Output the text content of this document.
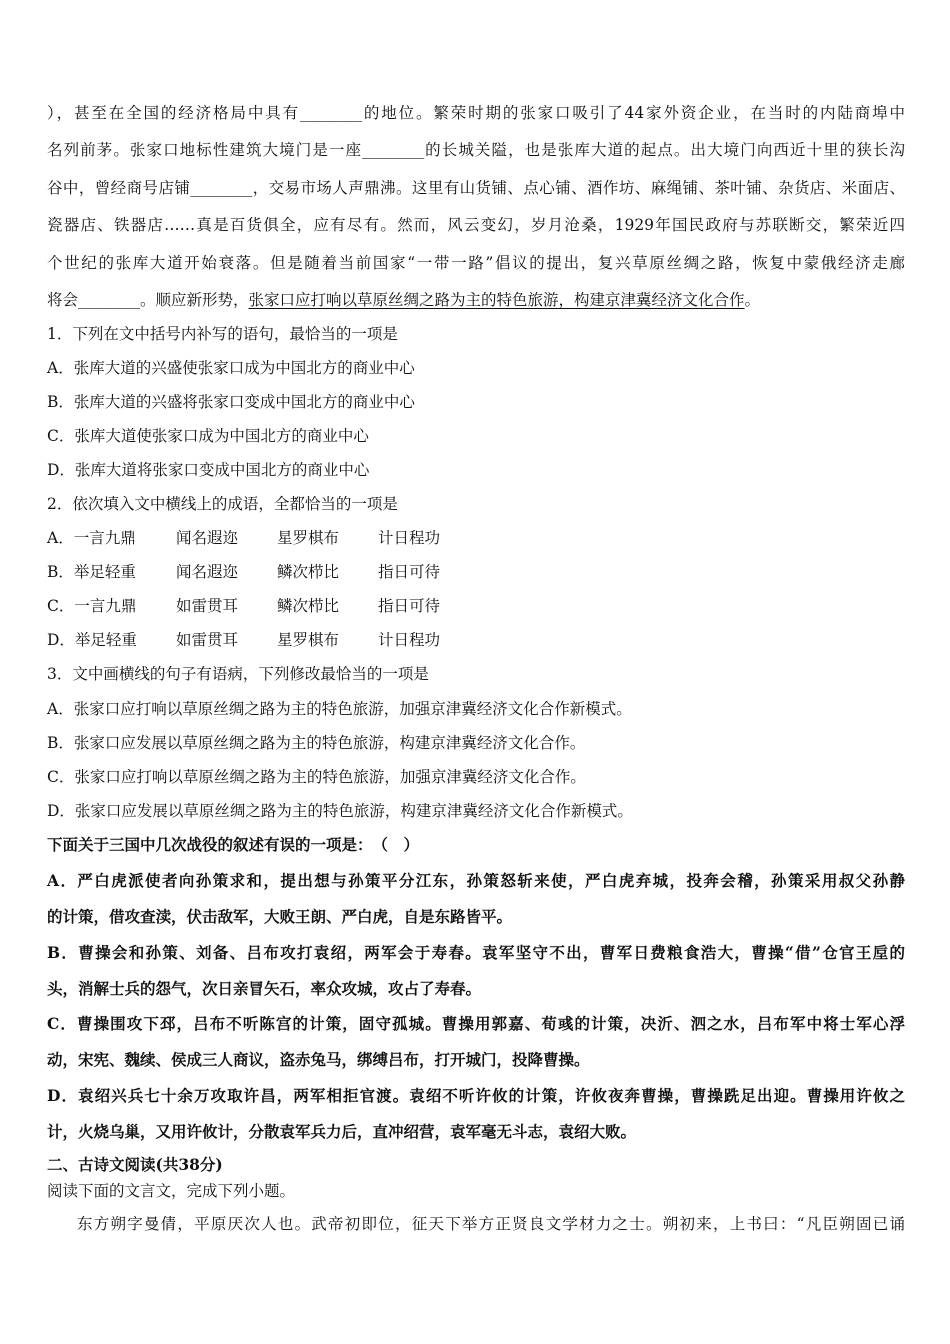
），甚至在全国的经济格局中具有________的地位。繁荣时期的张家口吸引了44家外资企业，在当时的内陆商埠中
名列前茅。张家口地标性建筑大境门是一座________的长城关隘，也是张库大道的起点。出大境门向西近十里的狭长沟
谷中，曾经商号店铺________，交易市场人声鼎沸。这里有山货铺、点心铺、酒作坊、麻绳铺、茶叶铺、杂货店、米面店、
瓷器店、铁器店……真是百货俱全，应有尽有。然而，风云变幻，岁月沧桑，1929年国民政府与苏联断交，繁荣近四
个世纪的张库大道开始衰落。但是随着当前国家“一带一路”倡议的提出，复兴草原丝绸之路，恢复中蒙俄经济走廊
将会________。顺应新形势，张家口应打响以草原丝绸之路为主的特色旅游，构建京津冀经济文化合作。
1．下列在文中括号内补写的语句，最恰当的一项是
A．张库大道的兴盛使张家口成为中国北方的商业中心
B．张库大道的兴盛将张家口变成中国北方的商业中心
C．张库大道使张家口成为中国北方的商业中心
D．张库大道将张家口变成中国北方的商业中心
2．依次填入文中横线上的成语，全都恰当的一项是
A．一言九鼎	闻名遐迩	星罗棋布	计日程功
B．举足轻重	闻名遐迩	鳞次栉比	指日可待
C．一言九鼎	如雷贯耳	鳞次栉比	指日可待
D．举足轻重	如雷贯耳	星罗棋布	计日程功
3．文中画横线的句子有语病，下列修改最恰当的一项是
A．张家口应打响以草原丝绸之路为主的特色旅游，加强京津冀经济文化合作新模式。
B．张家口应发展以草原丝绸之路为主的特色旅游，构建京津冀经济文化合作。
C．张家口应打响以草原丝绸之路为主的特色旅游，加强京津冀经济文化合作。
D．张家口应发展以草原丝绸之路为主的特色旅游，构建京津冀经济文化合作新模式。
下面关于三国中几次战役的叙述有误的一项是：　（　）
A．严白虎派使者向孙策求和，提出想与孙策平分江东，孙策怒斩来使，严白虎弃城，投奔会稽，孙策采用叔父孙静
的计策，借攻查渎，伏击敌军，大败王朗、严白虎，自是东路皆平。
B．曹操会和孙策、刘备、吕布攻打袁绍，两军会于寿春。袁军坚守不出，曹军日费粮食浩大，曹操“借”仓官王垕的
头，消解士兵的怨气，次日亲冒矢石，率众攻城，攻占了寿春。
C．曹操围攻下邳，吕布不听陈宫的计策，固守孤城。曹操用郭嘉、荀彧的计策，决沂、泗之水，吕布军中将士军心浮
动，宋宪、魏续、侯成三人商议，盗赤兔马，绑缚吕布，打开城门，投降曹操。
D．袁绍兴兵七十余万攻取许昌，两军相拒官渡。袁绍不听许攸的计策，许攸夜奔曹操，曹操跣足出迎。曹操用许攸之
计，火烧乌巢，又用许攸计，分散袁军兵力后，直冲绍营，袁军毫无斗志，袁绍大败。
二、古诗文阅读(共38分)
阅读下面的文言文，完成下列小题。
东方朔字曼倩，平原厌次人也。武帝初即位，征天下举方正贤良文学材力之士。朔初来，上书曰：“凡臣朔固已诵
